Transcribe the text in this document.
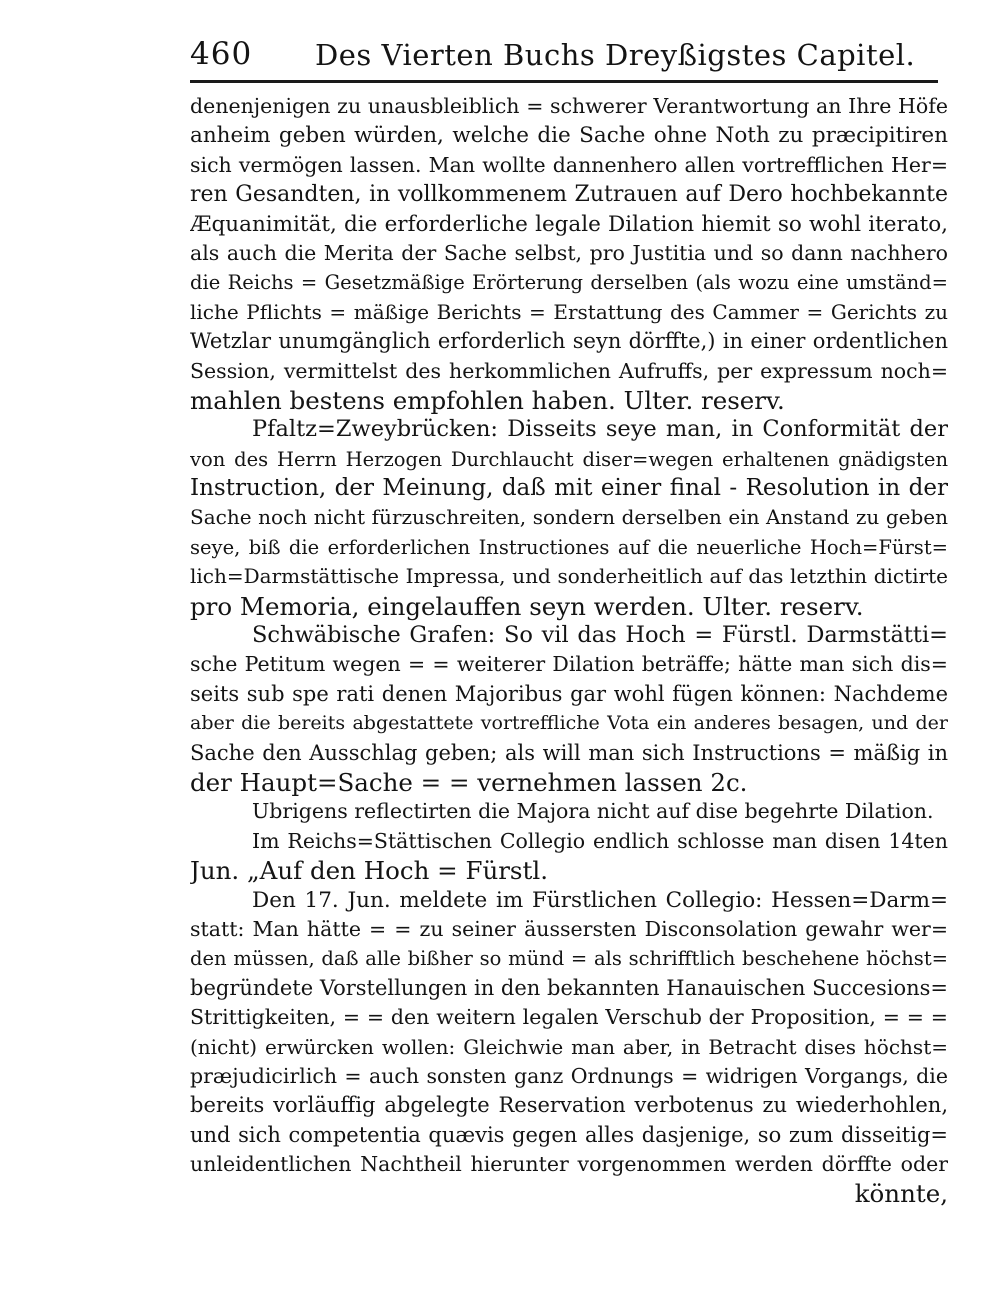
460 Des Vierten Buchs Dreyßigstes Capitel.
denenjenigen zu unausbleiblich = schwerer Verantwortung an Ihre Höfe
anheim geben würden, welche die Sache ohne Noth zu præcipitiren
sich vermögen lassen. Man wollte dannenhero allen vortrefflichen Her=
ren Gesandten, in vollkommenem Zutrauen auf Dero hochbekannte
Æquanimität, die erforderliche legale Dilation hiemit so wohl iterato,
als auch die Merita der Sache selbst, pro Justitia und so dann nachhero
die Reichs = Gesetzmäßige Erörterung derselben (als wozu eine umständ=
liche Pflichts = mäßige Berichts = Erstattung des Cammer = Gerichts zu
Wetzlar unumgänglich erforderlich seyn dörffte,) in einer ordentlichen
Session, vermittelst des herkommlichen Aufruffs, per expressum noch=
mahlen bestens empfohlen haben. Ulter. reserv.
Pfaltz=Zweybrücken: Disseits seye man, in Conformität der
von des Herrn Herzogen Durchlaucht diser=wegen erhaltenen gnädigsten
Instruction, der Meinung, daß mit einer final - Resolution in der
Sache noch nicht fürzuschreiten, sondern derselben ein Anstand zu geben
seye, biß die erforderlichen Instructiones auf die neuerliche Hoch=Fürst=
lich=Darmstättische Impressa, und sonderheitlich auf das letzthin dictirte
pro Memoria, eingelauffen seyn werden. Ulter. reserv.
Schwäbische Grafen: So vil das Hoch = Fürstl. Darmstätti=
sche Petitum wegen = = weiterer Dilation beträffe; hätte man sich dis=
seits sub spe rati denen Majoribus gar wohl fügen können: Nachdeme
aber die bereits abgestattete vortreffliche Vota ein anderes besagen, und der
Sache den Ausschlag geben; als will man sich Instructions = mäßig in
der Haupt=Sache = = vernehmen lassen 2c.
Ubrigens reflectirten die Majora nicht auf dise begehrte Dilation.
Im Reichs=Stättischen Collegio endlich schlosse man disen 14ten
Jun. „Auf den Hoch = Fürstl.
Den 17. Jun. meldete im Fürstlichen Collegio: Hessen=Darm=
statt: Man hätte = = zu seiner äussersten Disconsolation gewahr wer=
den müssen, daß alle bißher so münd = als schrifftlich beschehene höchst=
begründete Vorstellungen in den bekannten Hanauischen Succesions=
Strittigkeiten, = = den weitern legalen Verschub der Proposition, = = =
(nicht) erwürcken wollen: Gleichwie man aber, in Betracht dises höchst=
præjudicirlich = auch sonsten ganz Ordnungs = widrigen Vorgangs, die
bereits vorläuffig abgelegte Reservation verbotenus zu wiederhohlen,
und sich competentia quævis gegen alles dasjenige, so zum disseitig=
unleidentlichen Nachtheil hierunter vorgenommen werden dörffte oder
könnte,
